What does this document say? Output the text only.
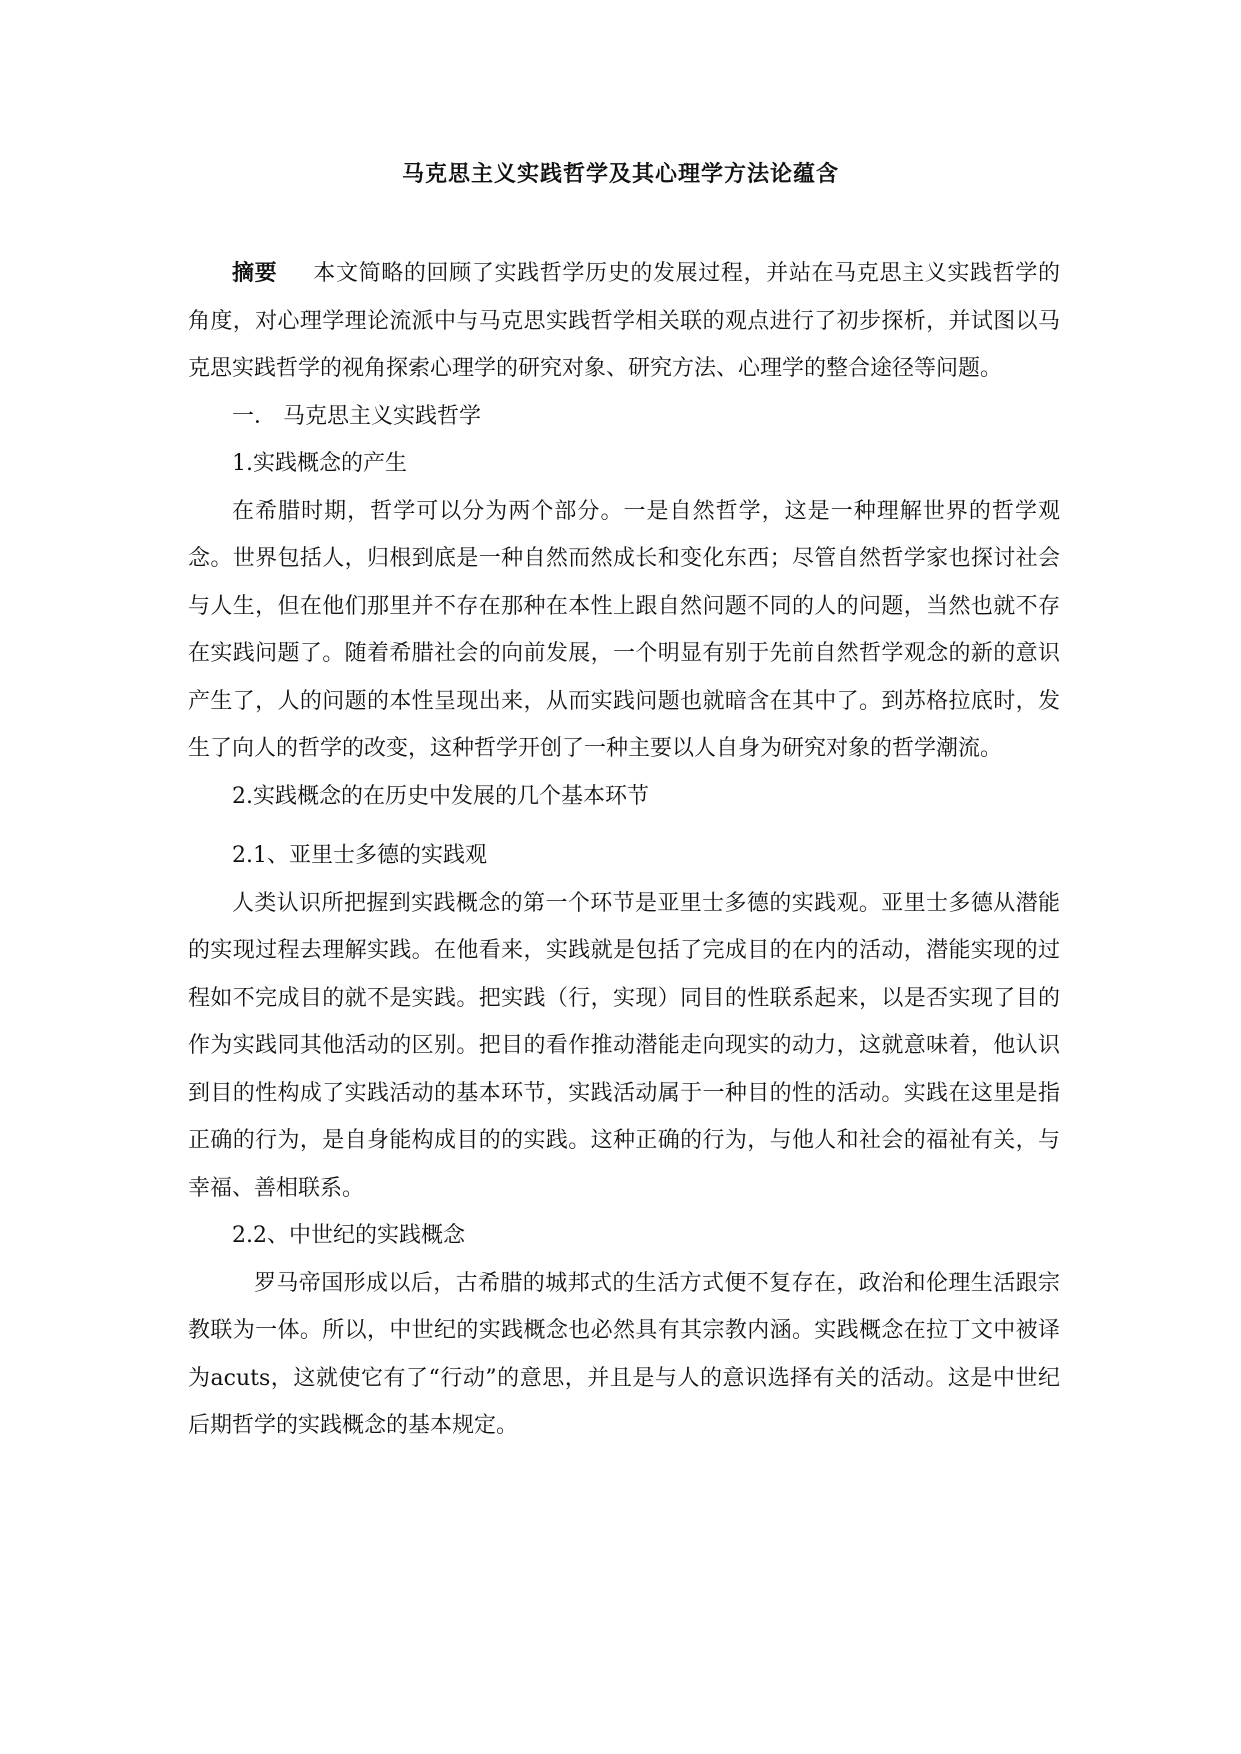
马克思主义实践哲学及其心理学方法论蕴含

摘要 本文简略的回顾了实践哲学历史的发展过程，并站在马克思主义实践哲学的角度，对心理学理论流派中与马克思实践哲学相关联的观点进行了初步探析，并试图以马克思实践哲学的视角探索心理学的研究对象、研究方法、心理学的整合途径等问题。

一． 马克思主义实践哲学

1.实践概念的产生

在希腊时期，哲学可以分为两个部分。一是自然哲学，这是一种理解世界的哲学观念。世界包括人，归根到底是一种自然而然成长和变化东西；尽管自然哲学家也探讨社会与人生，但在他们那里并不存在那种在本性上跟自然问题不同的人的问题，当然也就不存在实践问题了。随着希腊社会的向前发展，一个明显有别于先前自然哲学观念的新的意识产生了，人的问题的本性呈现出来，从而实践问题也就暗含在其中了。到苏格拉底时，发生了向人的哲学的改变，这种哲学开创了一种主要以人自身为研究对象的哲学潮流。

2.实践概念的在历史中发展的几个基本环节

2.1、亚里士多德的实践观

人类认识所把握到实践概念的第一个环节是亚里士多德的实践观。亚里士多德从潜能的实现过程去理解实践。在他看来，实践就是包括了完成目的在内的活动，潜能实现的过程如不完成目的就不是实践。把实践（行，实现）同目的性联系起来，以是否实现了目的作为实践同其他活动的区别。把目的看作推动潜能走向现实的动力，这就意味着，他认识到目的性构成了实践活动的基本环节，实践活动属于一种目的性的活动。实践在这里是指正确的行为，是自身能构成目的的实践。这种正确的行为，与他人和社会的福祉有关，与幸福、善相联系。

2.2、中世纪的实践概念

罗马帝国形成以后，古希腊的城邦式的生活方式便不复存在，政治和伦理生活跟宗教联为一体。所以，中世纪的实践概念也必然具有其宗教内涵。实践概念在拉丁文中被译为acuts，这就使它有了“行动”的意思，并且是与人的意识选择有关的活动。这是中世纪后期哲学的实践概念的基本规定。
